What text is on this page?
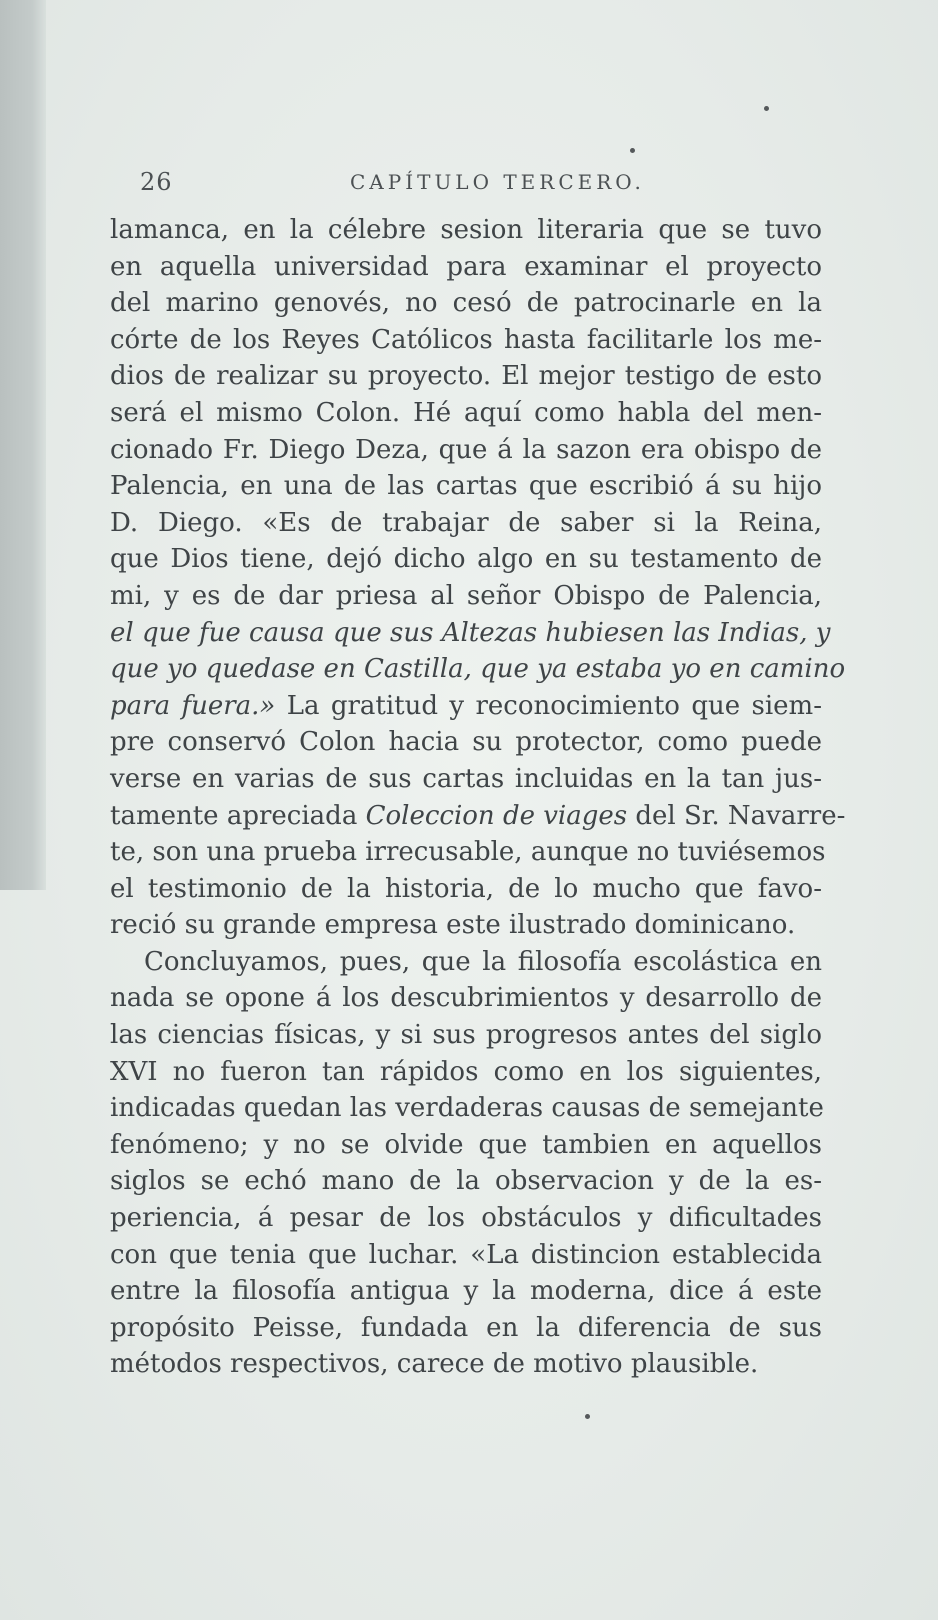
26	CAPÍTULO TERCERO.
lamanca, en la célebre sesion literaria que se tuvo
en aquella universidad para examinar el proyecto
del marino genovés, no cesó de patrocinarle en la
córte de los Reyes Católicos hasta facilitarle los me-
dios de realizar su proyecto. El mejor testigo de esto
será el mismo Colon. Hé aquí como habla del men-
cionado Fr. Diego Deza, que á la sazon era obispo de
Palencia, en una de las cartas que escribió á su hijo
D. Diego. «Es de trabajar de saber si la Reina,
que Dios tiene, dejó dicho algo en su testamento de
mi, y es de dar priesa al señor Obispo de Palencia,
el que fue causa que sus Altezas hubiesen las Indias, y
que yo quedase en Castilla, que ya estaba yo en camino
para fuera.» La gratitud y reconocimiento que siem-
pre conservó Colon hacia su protector, como puede
verse en varias de sus cartas incluidas en la tan jus-
tamente apreciada Coleccion de viages del Sr. Navarre-
te, son una prueba irrecusable, aunque no tuviésemos
el testimonio de la historia, de lo mucho que favo-
reció su grande empresa este ilustrado dominicano.
Concluyamos, pues, que la filosofía escolástica en
nada se opone á los descubrimientos y desarrollo de
las ciencias físicas, y si sus progresos antes del siglo
XVI no fueron tan rápidos como en los siguientes,
indicadas quedan las verdaderas causas de semejante
fenómeno; y no se olvide que tambien en aquellos
siglos se echó mano de la observacion y de la es-
periencia, á pesar de los obstáculos y dificultades
con que tenia que luchar. «La distincion establecida
entre la filosofía antigua y la moderna, dice á este
propósito Peisse, fundada en la diferencia de sus
métodos respectivos, carece de motivo plausible.
